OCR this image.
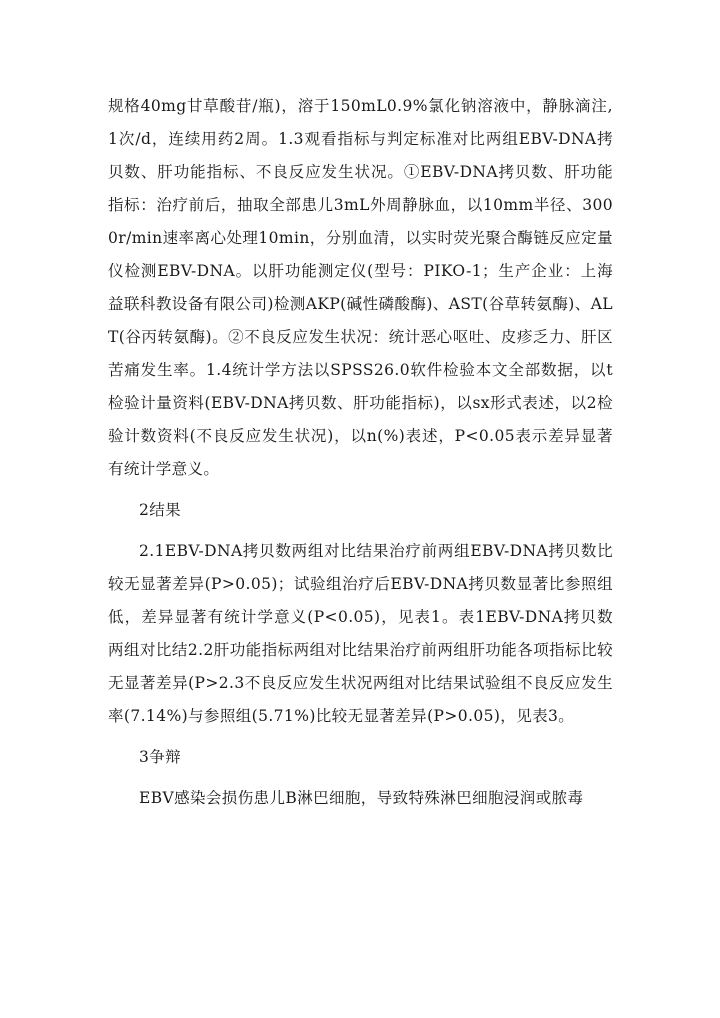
规格40mg甘草酸苷/瓶)，溶于150mL0.9%氯化钠溶液中，静脉滴注,1次/d，连续用药2周。1.3观看指标与判定标准对比两组EBV-DNA拷贝数、肝功能指标、不良反应发生状况。①EBV-DNA拷贝数、肝功能指标：治疗前后，抽取全部患儿3mL外周静脉血，以10mm半径、3000r/min速率离心处理10min，分别血清，以实时荧光聚合酶链反应定量仪检测EBV-DNA。以肝功能测定仪(型号：PIKO-1；生产企业：上海益联科教设备有限公司)检测AKP(碱性磷酸酶)、AST(谷草转氨酶)、ALT(谷丙转氨酶)。②不良反应发生状况：统计恶心呕吐、皮疹乏力、肝区苦痛发生率。1.4统计学方法以SPSS26.0软件检验本文全部数据，以t检验计量资料(EBV-DNA拷贝数、肝功能指标)，以sx形式表述，以2检验计数资料(不良反应发生状况)，以n(%)表述，P<0.05表示差异显著有统计学意义。

2结果

2.1EBV-DNA拷贝数两组对比结果治疗前两组EBV-DNA拷贝数比较无显著差异(P>0.05)；试验组治疗后EBV-DNA拷贝数显著比参照组低，差异显著有统计学意义(P<0.05)，见表1。表1EBV-DNA拷贝数两组对比结2.2肝功能指标两组对比结果治疗前两组肝功能各项指标比较无显著差异(P>2.3不良反应发生状况两组对比结果试验组不良反应发生率(7.14%)与参照组(5.71%)比较无显著差异(P>0.05)，见表3。

3争辩

EBV感染会损伤患儿B淋巴细胞，导致特殊淋巴细胞浸润或脓毒
